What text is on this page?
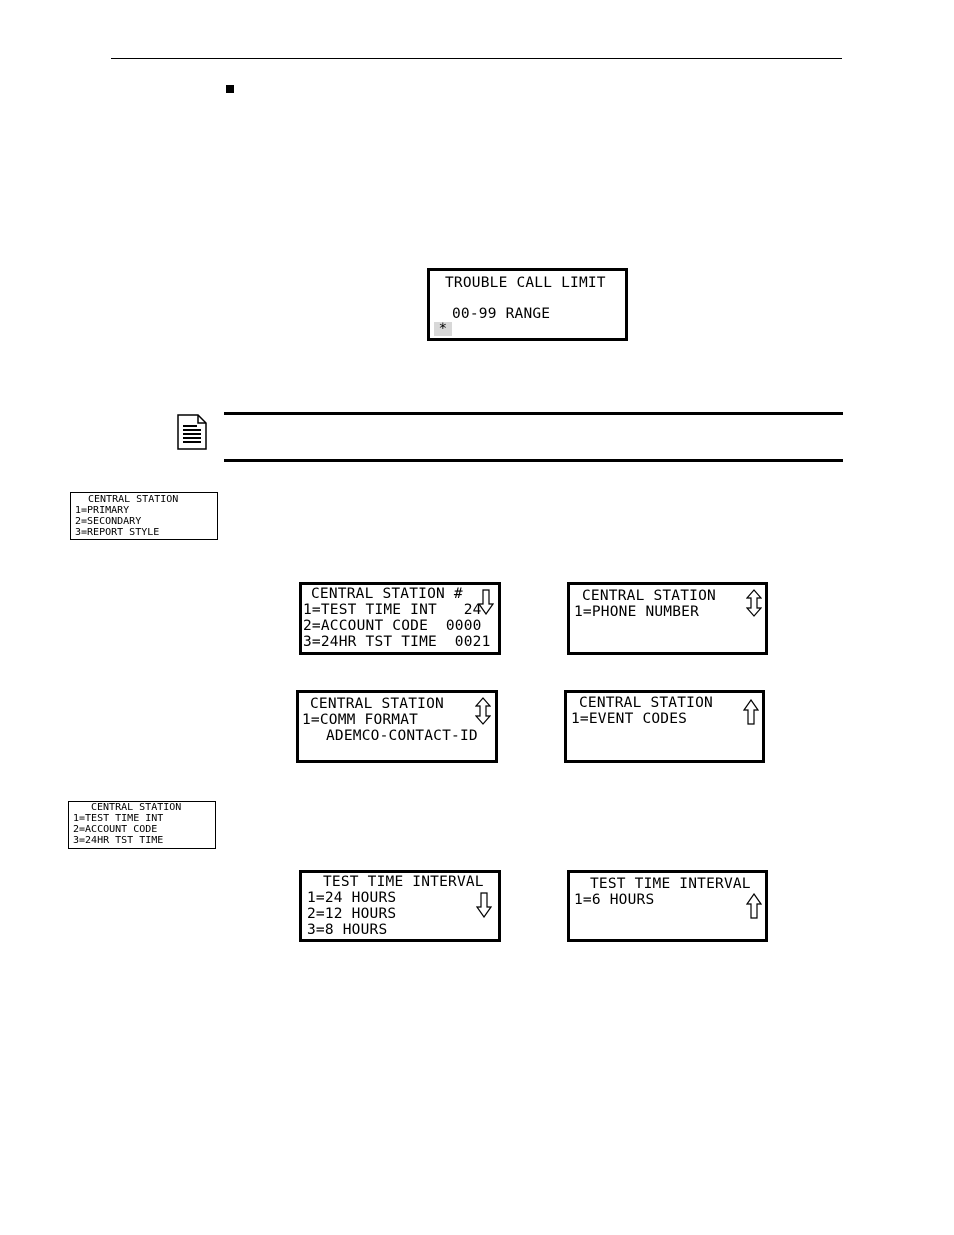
TROUBLE CALL LIMIT
00-99 RANGE
*
CENTRAL STATION
1=PRIMARY
2=SECONDARY
3=REPORT STYLE
CENTRAL STATION #
1=TEST TIME INT   24
2=ACCOUNT CODE  0000
3=24HR TST TIME  0021
CENTRAL STATION
1=PHONE NUMBER
CENTRAL STATION
1=COMM FORMAT
ADEMCO-CONTACT-ID
CENTRAL STATION
1=EVENT CODES
CENTRAL STATION
1=TEST TIME INT
2=ACCOUNT CODE
3=24HR TST TIME
TEST TIME INTERVAL
1=24 HOURS
2=12 HOURS
3=8 HOURS
TEST TIME INTERVAL
1=6 HOURS
